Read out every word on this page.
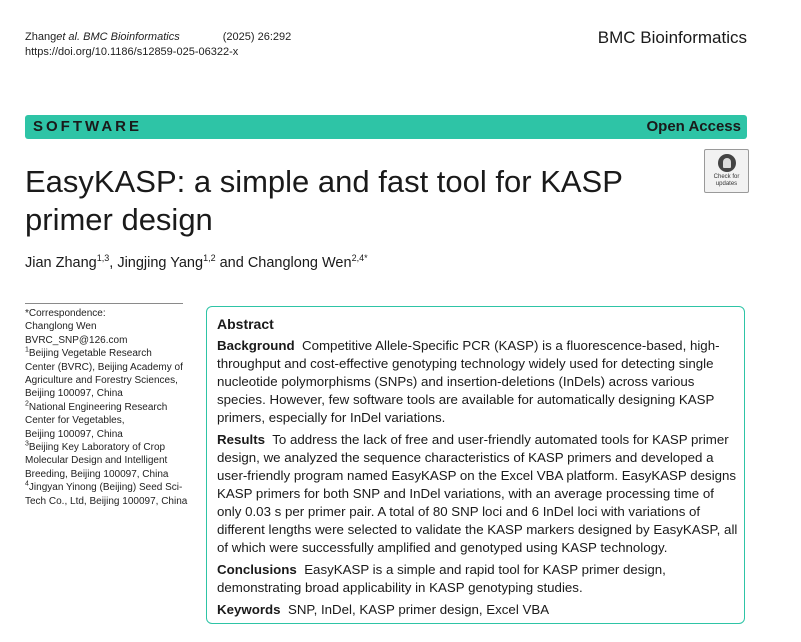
Zhanget al. BMC Bioinformatics	(2025) 26:292
https://doi.org/10.1186/s12859-025-06322-x
BMC Bioinformatics
SOFTWARE	Open Access
Check for
updates
EasyKASP: a simple and fast tool for KASP
primer design
Jian Zhang$^{1,3}$, Jingjing Yang$^{1,2}$ and Changlong Wen$^{2,4*}$

*Correspondence:

Changlong Wen

BVRC_SNP@126.com

$^1$Beijing Vegetable Research

Center (BVRC), Beijing Academy of

Agriculture and Forestry Sciences,

Beijing 100097, China

$^2$National Engineering Research

Center for Vegetables,

Beijing 100097, China

$^3$Beijing Key Laboratory of Crop

Molecular Design and Intelligent

Breeding, Beijing 100097, China

$^4$Jingyan Yinong (Beijing) Seed Sci-

Tech Co., Ltd, Beijing 100097, China

Abstract

Background Competitive Allele-Specific PCR (KASP) is a fluorescence-based, high-throughput and cost-effective genotyping technology widely used for detecting single nucleotide polymorphisms (SNPs) and insertion-deletions (InDels) across various species. However, few software tools are available for automatically designing KASP primers, especially for InDel variations.

Results To address the lack of free and user-friendly automated tools for KASP primer design, we analyzed the sequence characteristics of KASP primers and developed a user-friendly program named EasyKASP on the Excel VBA platform. EasyKASP designs KASP primers for both SNP and InDel variations, with an average processing time of only 0.03 s per primer pair. A total of 80 SNP loci and 6 InDel loci with variations of different lengths were selected to validate the KASP markers designed by EasyKASP, all of which were successfully amplified and genotyped using KASP technology.

Conclusions EasyKASP is a simple and rapid tool for KASP primer design, demonstrating broad applicability in KASP genotyping studies.

Keywords SNP, InDel, KASP primer design, Excel VBA
